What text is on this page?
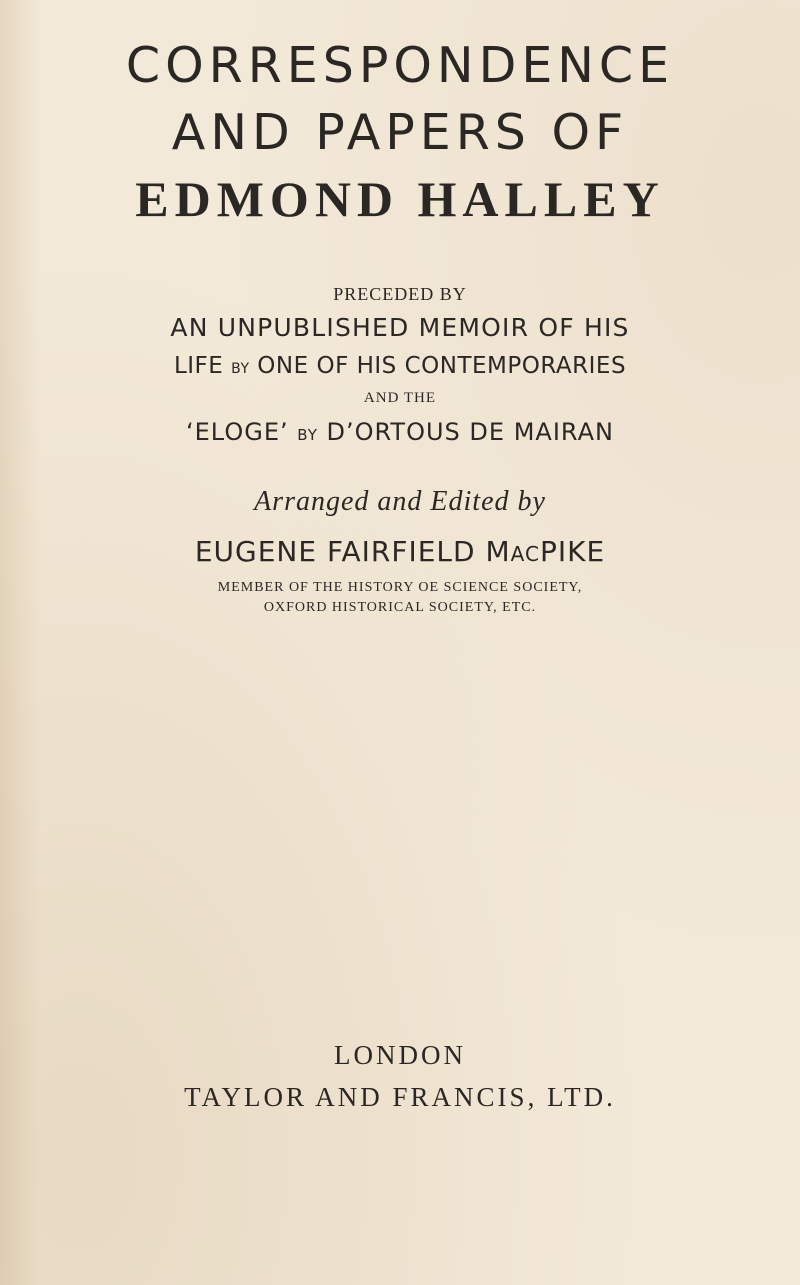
CORRESPONDENCE
AND PAPERS OF
EDMOND HALLEY
PRECEDED BY
AN UNPUBLISHED MEMOIR OF HIS
LIFE BY ONE OF HIS CONTEMPORARIES
AND THE
‘ELOGE’ BY D’ORTOUS DE MAIRAN
Arranged and Edited by
EUGENE FAIRFIELD MACPIKE
MEMBER OF THE HISTORY OE SCIENCE SOCIETY,
OXFORD HISTORICAL SOCIETY, ETC.
LONDON
TAYLOR AND FRANCIS, LTD.
